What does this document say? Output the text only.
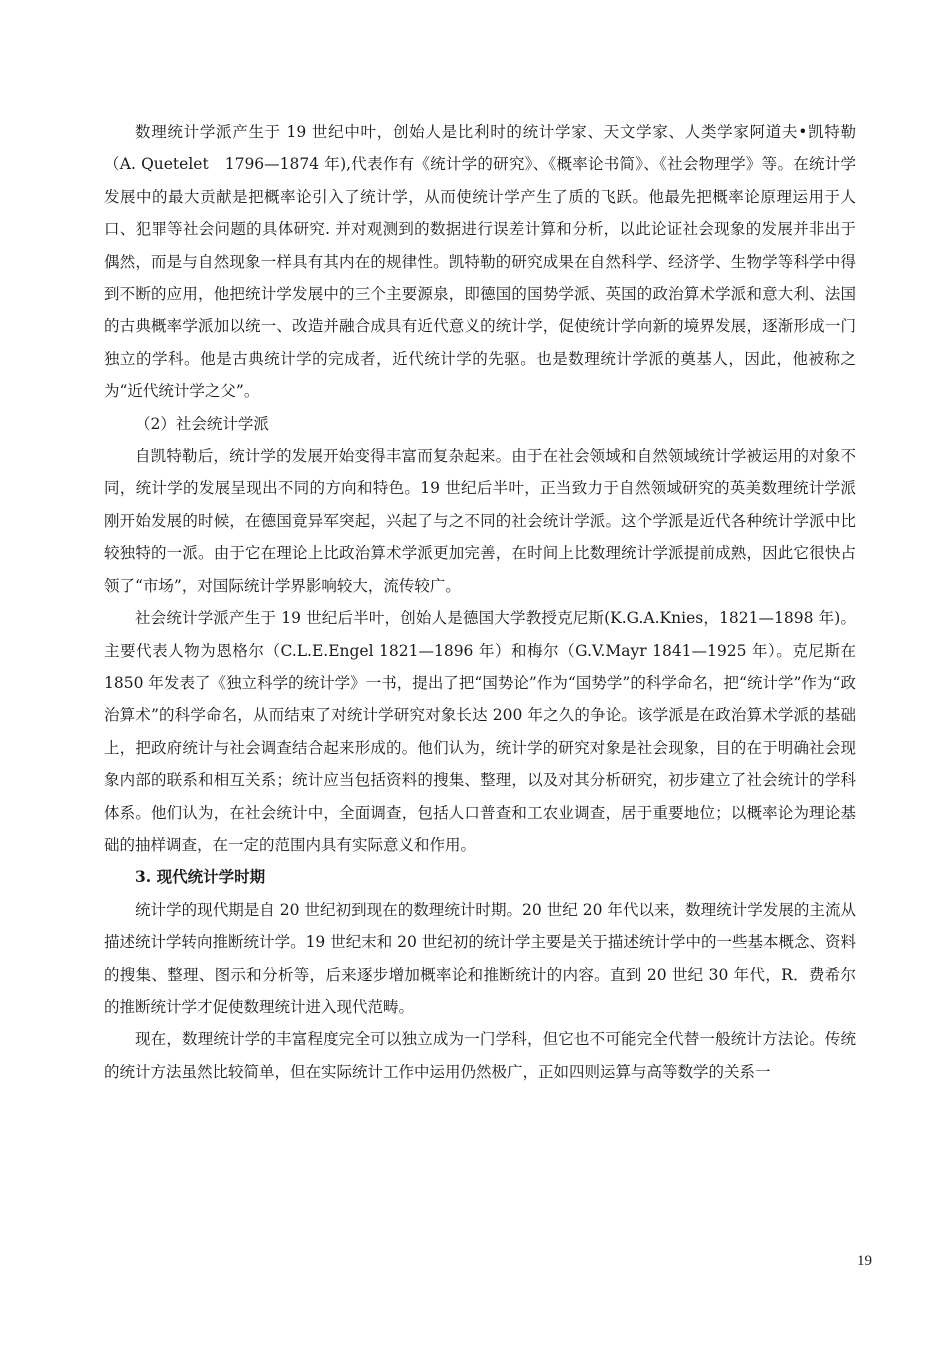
数理统计学派产生于 19 世纪中叶，创始人是比利时的统计学家、天文学家、人类学家阿道夫•凯特勒（A. Quetelet　1796—1874 年),代表作有《统计学的研究》、《概率论书简》、《社会物理学》等。在统计学发展中的最大贡献是把概率论引入了统计学，从而使统计学产生了质的飞跃。他最先把概率论原理运用于人口、犯罪等社会问题的具体研究. 并对观测到的数据进行误差计算和分析，以此论证社会现象的发展并非出于偶然，而是与自然现象一样具有其内在的规律性。凯特勒的研究成果在自然科学、经济学、生物学等科学中得到不断的应用，他把统计学发展中的三个主要源泉，即德国的国势学派、英国的政治算术学派和意大利、法国的古典概率学派加以统一、改造并融合成具有近代意义的统计学，促使统计学向新的境界发展，逐渐形成一门独立的学科。他是古典统计学的完成者，近代统计学的先驱。也是数理统计学派的奠基人，因此，他被称之为“近代统计学之父”。

（2）社会统计学派

自凯特勒后，统计学的发展开始变得丰富而复杂起来。由于在社会领域和自然领域统计学被运用的对象不同，统计学的发展呈现出不同的方向和特色。19 世纪后半叶，正当致力于自然领域研究的英美数理统计学派刚开始发展的时候，在德国竟异军突起，兴起了与之不同的社会统计学派。这个学派是近代各种统计学派中比较独特的一派。由于它在理论上比政治算术学派更加完善，在时间上比数理统计学派提前成熟，因此它很快占领了“市场”，对国际统计学界影响较大，流传较广。

社会统计学派产生于 19 世纪后半叶，创始人是德国大学教授克尼斯(K.G.A.Knies，1821—1898 年)。主要代表人物为恩格尔（C.L.E.Engel 1821—1896 年）和梅尔（G.V.Mayr 1841—1925 年）。克尼斯在 1850 年发表了《独立科学的统计学》一书，提出了把“国势论”作为“国势学”的科学命名，把“统计学”作为“政治算术”的科学命名，从而结束了对统计学研究对象长达 200 年之久的争论。该学派是在政治算术学派的基础上，把政府统计与社会调查结合起来形成的。他们认为，统计学的研究对象是社会现象，目的在于明确社会现象内部的联系和相互关系；统计应当包括资料的搜集、整理，以及对其分析研究，初步建立了社会统计的学科体系。他们认为，在社会统计中，全面调查，包括人口普查和工农业调查，居于重要地位；以概率论为理论基础的抽样调查，在一定的范围内具有实际意义和作用。

3. 现代统计学时期

统计学的现代期是自 20 世纪初到现在的数理统计时期。20 世纪 20 年代以来，数理统计学发展的主流从描述统计学转向推断统计学。19 世纪末和 20 世纪初的统计学主要是关于描述统计学中的一些基本概念、资料的搜集、整理、图示和分析等，后来逐步增加概率论和推断统计的内容。直到 20 世纪 30 年代，R．费希尔的推断统计学才促使数理统计进入现代范畴。

现在，数理统计学的丰富程度完全可以独立成为一门学科，但它也不可能完全代替一般统计方法论。传统的统计方法虽然比较简单，但在实际统计工作中运用仍然极广，正如四则运算与高等数学的关系一

19
